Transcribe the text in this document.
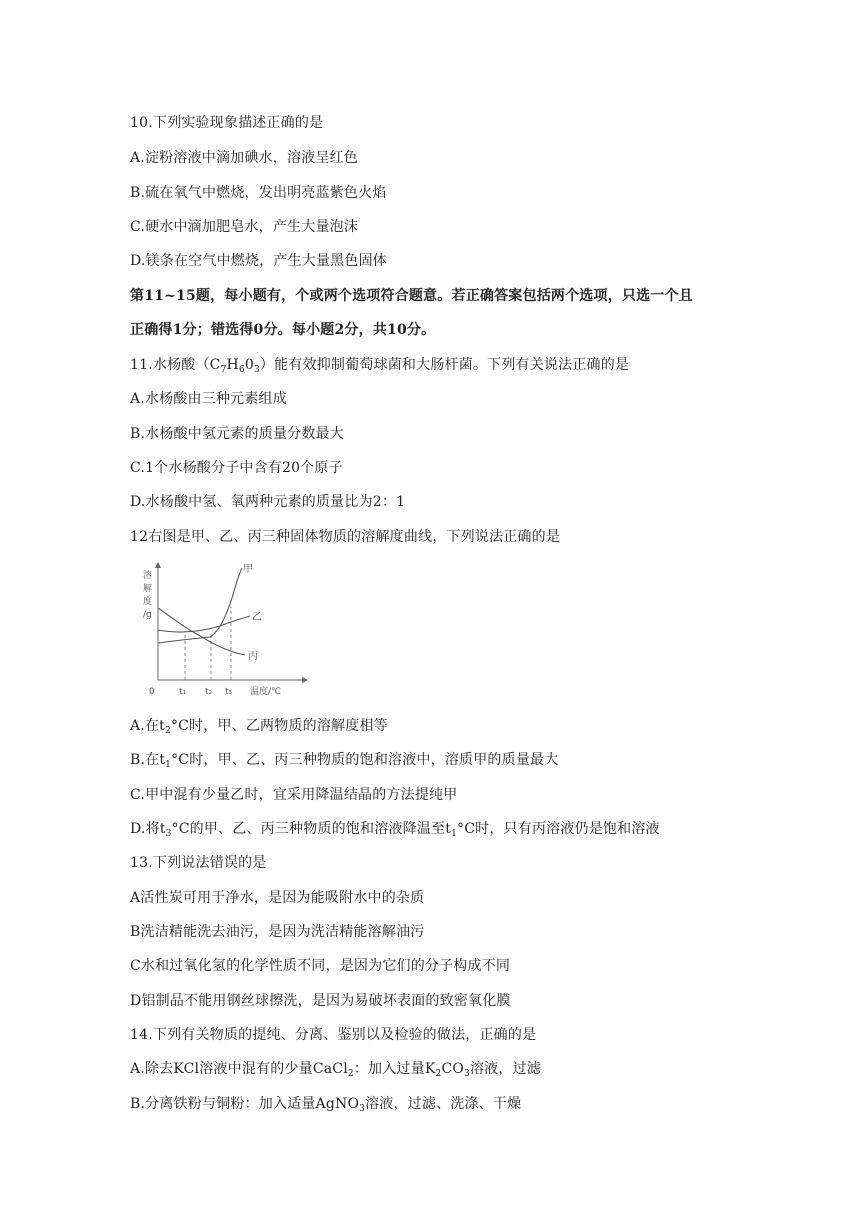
10.下列实验现象描述正确的是
A.淀粉溶液中滴加碘水，溶液呈红色
B.硫在氧气中燃烧，发出明亮蓝紫色火焰
C.硬水中滴加肥皂水，产生大量泡沫
D.镁条在空气中燃烧，产生大量黑色固体
第11~15题，每小题有，个或两个选项符合题意。若正确答案包括两个选项，只选一个且
正确得1分；错选得0分。每小题2分，共10分。
11.水杨酸$(C_7H_60_3)$能有效抑制葡萄球菌和大肠杆菌。下列有关说法正确的是
A.水杨酸由三种元素组成
B.水杨酸中氢元素的质量分数最大
C.1个水杨酸分子中含有20个原子
D.水杨酸中氢、氧两种元素的质量比为2：1
12右图是甲、乙、丙三种固体物质的溶解度曲线，下列说法正确的是
溶
解
度
/g
甲
乙
丙
0	t₁ t₂ t₃ 温度/℃
A.在$t_2^\circ C$时，甲、乙两物质的溶解度相等
B.在$t_1^\circ C$时，甲、乙、丙三种物质的饱和溶液中，溶质甲的质量最大
C.甲中混有少量乙时，宜采用降温结晶的方法提纯甲
D.将$t_3^\circ C$的甲、乙、丙三种物质的饱和溶液降温至$t_1^\circ C$时，只有丙溶液仍是饱和溶液
13.下列说法错误的是
A活性炭可用于净水，是因为能吸附水中的杂质
B洗洁精能洗去油污，是因为洗洁精能溶解油污
C水和过氧化氢的化学性质不同，是因为它们的分子构成不同
D铝制品不能用钢丝球擦洗，是因为易破坏表面的致密氧化膜
14.下列有关物质的提纯、分离、鉴别以及检验的做法，正确的是
A.除去KCl溶液中混有的少量CaCl$_2$：加入过量$K_2CO_3$溶液，过滤
B.分离铁粉与铜粉：加入适量AgNO$_3$溶液，过滤、洗涤、干燥
